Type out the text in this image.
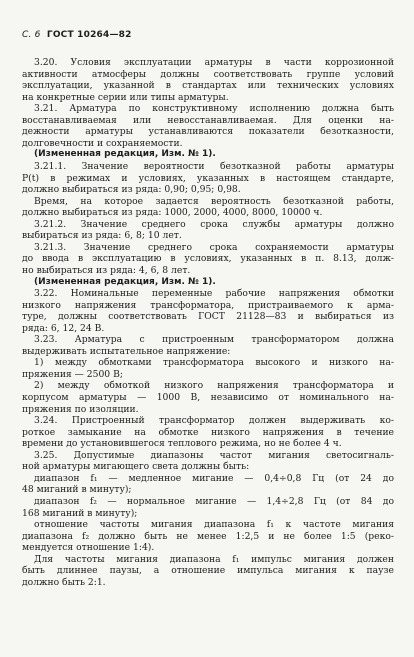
С. 6 ГОСТ 10264—82
3.20. Условия эксплуатации арматуры в части коррозионной
активности атмосферы должны соответствовать группе условий
эксплуатации, указанной в стандартах или технических условиях
на конкретные серии или типы арматуры.
3.21. Арматура по конструктивному исполнению должна быть
восстанавливаемая или невосстанавливаемая. Для оценки на-
дежности арматуры устанавливаются показатели безотказности,
долговечности и сохраняемости.
(Измененная редакция, Изм. № 1).
3.21.1. Значение вероятности безотказной работы арматуры
P(t) в режимах и условиях, указанных в настоящем стандарте,
должно выбираться из ряда: 0,90; 0,95; 0,98.
Время, на которое задается вероятность безотказной работы,
должно выбираться из ряда: 1000, 2000, 4000, 8000, 10000 ч.
3.21.2. Значение среднего срока службы арматуры должно
выбираться из ряда: 6, 8; 10 лет.
3.21.3. Значение среднего срока сохраняемости арматуры
до ввода в эксплуатацию в условиях, указанных в п. 8.13, долж-
но выбираться из ряда: 4, 6, 8 лет.
(Измененная редакция, Изм. № 1).
3.22. Номинальные переменные рабочие напряжения обмотки
низкого напряжения трансформатора, пристраиваемого к арма-
туре, должны соответствовать ГОСТ 21128—83 и выбираться из
ряда: 6, 12, 24 В.
3.23. Арматура с пристроенным трансформатором должна
выдерживать испытательное напряжение:
1) между обмотками трансформатора высокого и низкого на-
пряжения — 2500 В;
2) между обмоткой низкого напряжения трансформатора и
корпусом арматуры — 1000 В, независимо от номинального на-
пряжения по изоляции.
3.24. Пристроенный трансформатор должен выдерживать ко-
роткое замыкание на обмотке низкого напряжения в течение
времени до установившегося теплового режима, но не более 4 ч.
3.25. Допустимые диапазоны частот мигания светосигналь-
ной арматуры мигающего света должны быть:
диапазон f₁ — медленное мигание — 0,4÷0,8 Гц (от 24 до
48 миганий в минуту);
диапазон f₂ — нормальное мигание — 1,4÷2,8 Гц (от 84 до
168 миганий в минуту);
отношение частоты мигания диапазона f₁ к частоте мигания
диапазона f₂ должно быть не менее 1:2,5 и не более 1:5 (реко-
мендуется отношение 1:4).
Для частоты мигания диапазона f₁ импульс мигания должен
быть длиннее паузы, а отношение импульса мигания к паузе
должно быть 2:1.
